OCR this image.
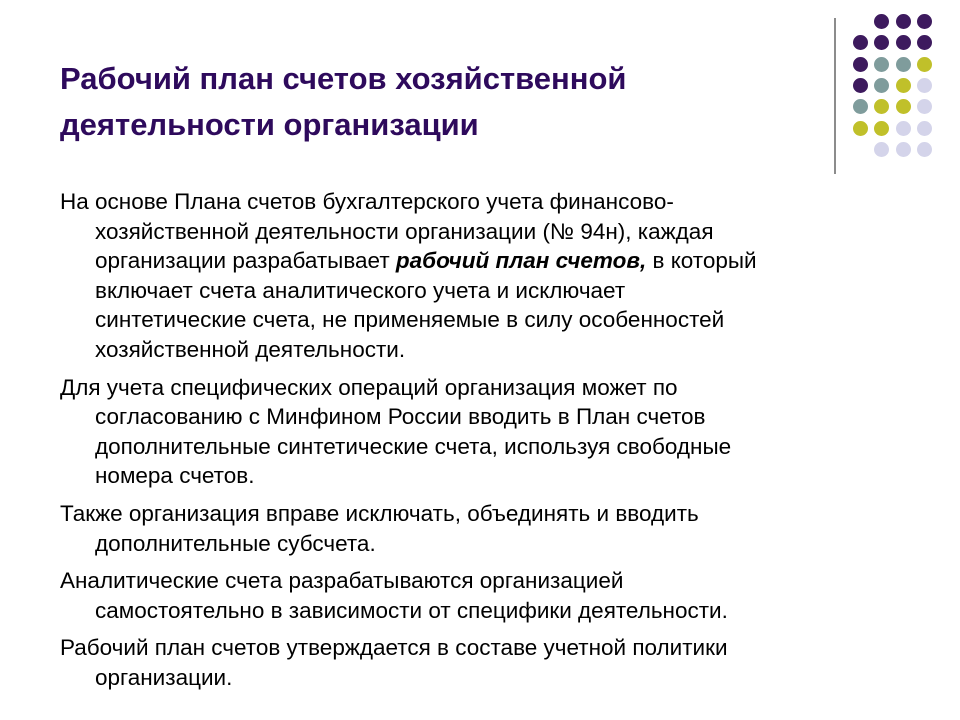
Рабочий план счетов хозяйственной
деятельности организации

На основе Плана счетов бухгалтерского учета финансово-
хозяйственной деятельности организации (№ 94н), каждая
организации разрабатывает рабочий план счетов, в который
включает счета аналитического учета и исключает
синтетические счета, не применяемые в силу особенностей
хозяйственной деятельности.

Для учета специфических операций организация может по
согласованию с Минфином России вводить в План счетов
дополнительные синтетические счета, используя свободные
номера счетов.

Также организация вправе исключать, объединять и вводить
дополнительные субсчета.

Аналитические счета разрабатываются организацией
самостоятельно в зависимости от специфики деятельности.

Рабочий план счетов утверждается в составе учетной политики
организации.
